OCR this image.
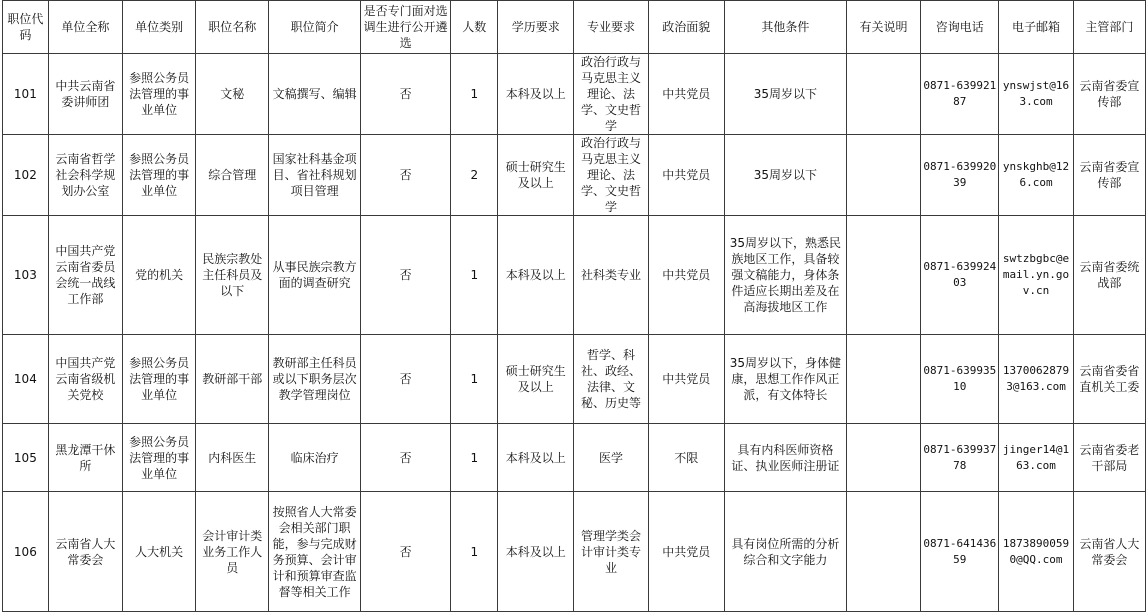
职位代码	单位全称	单位类别	职位名称	职位简介	是否专门面对选调生进行公开遴选	人数	学历要求	专业要求	政治面貌	其他条件	有关说明	咨询电话	电子邮箱	主管部门
101	中共云南省委讲师团	参照公务员法管理的事业单位	文秘	文稿撰写、编辑	否	1	本科及以上	政治行政与马克思主义理论、法学、文史哲学	中共党员	35周岁以下		0871-63992187	ynswjst@163.com	云南省委宣传部
102	云南省哲学社会科学规划办公室	参照公务员法管理的事业单位	综合管理	国家社科基金项目、省社科规划项目管理	否	2	硕士研究生及以上	政治行政与马克思主义理论、法学、文史哲学	中共党员	35周岁以下		0871-63992039	ynskghb@126.com	云南省委宣传部
103	中国共产党云南省委员会统一战线工作部	党的机关	民族宗教处主任科员及以下	从事民族宗教方面的调查研究	否	1	本科及以上	社科类专业	中共党员	35周岁以下，熟悉民族地区工作，具备较强文稿能力，身体条件适应长期出差及在高海拔地区工作		0871-63992403	swtzbgbc@email.yn.gov.cn	云南省委统战部
104	中国共产党云南省级机关党校	参照公务员法管理的事业单位	教研部干部	教研部主任科员或以下职务层次教学管理岗位	否	1	硕士研究生及以上	哲学、科社、政经、法律、文秘、历史等	中共党员	35周岁以下，身体健康，思想工作作风正派，有文体特长		0871-63993510	13700628793@163.com	云南省委省直机关工委
105	黑龙潭干休所	参照公务员法管理的事业单位	内科医生	临床治疗	否	1	本科及以上	医学	不限	具有内科医师资格证、执业医师注册证		0871-63993778	jinger14@163.com	云南省委老干部局
106	云南省人大常委会	人大机关	会计审计类业务工作人员	按照省人大常委会相关部门职能，参与完成财务预算、会计审计和预算审查监督等相关工作	否	1	本科及以上	管理学类会计审计类专业	中共党员	具有岗位所需的分析综合和文字能力		0871-64143659	18738900590@QQ.com	云南省人大常委会
